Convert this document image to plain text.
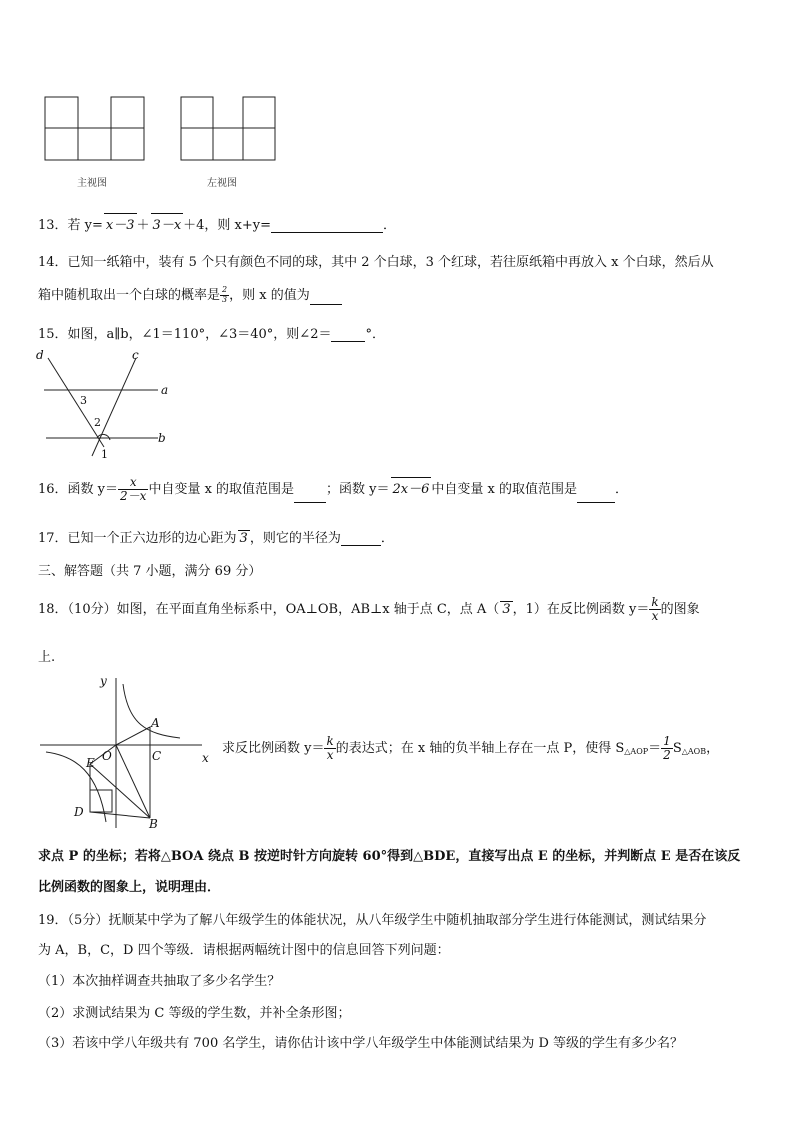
主视图	左视图
13．若 y= x－3 ＋ 3－x ＋4，则 x+y=	．
14．已知一纸箱中，装有 5 个只有颜色不同的球，其中 2 个白球，3 个红球，若往原纸箱中再放入 x 个白球，然后从
箱中随机取出一个白球的概率是 $\frac{2}{3}$ ，则 x 的值为
15．如图，a∥b，∠1＝110°，∠3＝40°，则∠2＝	°．
d	c
a
b
3
2
1
16．函数 $y= \frac{x}{2-x}$ 中自变量 x 的取值范围是 ；函数 y＝ 2x－6 中自变量 x 的取值范围是	．
17．已知一个正六边形的边心距为 3 ，则它的半径为	．
三、解答题（共 7 小题，满分 69 分）
18．（10分）如图，在平面直角坐标系中，OA⊥OB，AB⊥x 轴于点 C，点 A（ 3 ，1）在反比例函数 $y= \frac{k}{x}$ 的图象
上.
y
x
A
O	C
E
D
B
求反比例函数 $y= \frac{k}{x}$ 的表达式；在 x 轴的负半轴上存在一点 P，使得 $S_{\triangle AOP}= \frac{1}{2} S_{\triangle AOB}$，
求点 P 的坐标；若将△BOA 绕点 B 按逆时针方向旋转 60°得到△BDE，直接写出点 E 的坐标，并判断点 E 是否在该反
比例函数的图象上，说明理由．
19．（5分）抚顺某中学为了解八年级学生的体能状况，从八年级学生中随机抽取部分学生进行体能测试，测试结果分
为 A，B，C，D 四个等级．请根据两幅统计图中的信息回答下列问题：
（1）本次抽样调查共抽取了多少名学生？
（2）求测试结果为 C 等级的学生数，并补全条形图；
（3）若该中学八年级共有 700 名学生，请你估计该中学八年级学生中体能测试结果为 D 等级的学生有多少名？
